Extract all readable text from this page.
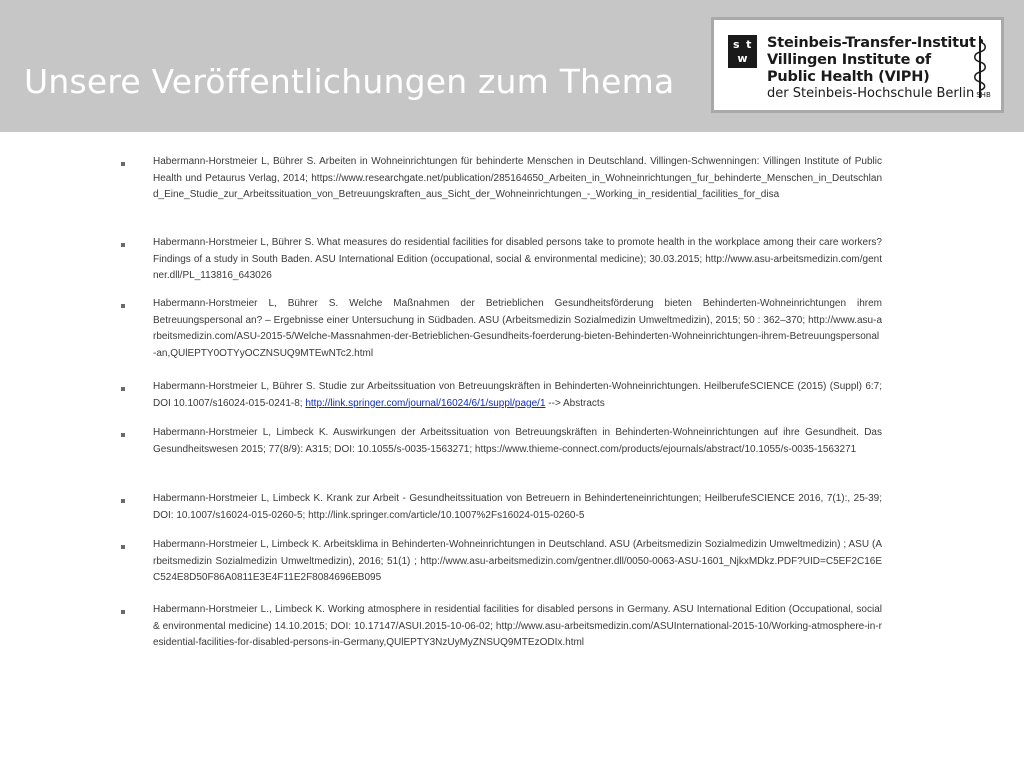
Unsere Veröffentlichungen zum Thema
s t
w
Steinbeis-Transfer-Institut
Villingen Institute of
Public Health (VIPH)
der Steinbeis-Hochschule Berlin SHB

Habermann-Horstmeier L, Bührer S. Arbeiten in Wohneinrichtungen für behinderte Menschen in Deutschland. Villingen-Schwenningen: Villingen Institute of Public Health und Petaurus Verlag, 2014; https://www.researchgate.net/publication/285164650_Arbeiten_in_Wohneinrichtungen_fur_behinderte_Menschen_in_Deutschland_Eine_Studie_zur_Arbeitssituation_von_Betreuungskraften_aus_Sicht_der_Wohneinrichtungen_-_Working_in_residential_facilities_for_disa

Habermann-Horstmeier L, Bührer S. What measures do residential facilities for disabled persons take to promote health in the workplace among their care workers? Findings of a study in South Baden. ASU International Edition (occupational, social & environmental medicine); 30.03.2015; http://www.asu-arbeitsmedizin.com/gentner.dll/PL_113816_643026

Habermann-Horstmeier L, Bührer S. Welche Maßnahmen der Betrieblichen Gesundheitsförderung bieten Behinderten-Wohneinrichtungen ihrem Betreuungspersonal an? – Ergebnisse einer Untersuchung in Südbaden. ASU (Arbeitsmedizin Sozialmedizin Umweltmedizin), 2015; 50 : 362–370; http://www.asu-arbeitsmedizin.com/ASU-2015-5/Welche-Massnahmen-der-Betrieblichen-Gesundheits-foerderung-bieten-Behinderten-Wohneinrichtungen-ihrem-Betreuungspersonal-an,QUlEPTY0OTYyOCZNSUQ9MTEwNTc2.html

Habermann-Horstmeier L, Bührer S. Studie zur Arbeitssituation von Betreuungskräften in Behinderten-Wohneinrichtungen. HeilberufeSCIENCE (2015) (Suppl) 6:7; DOI 10.1007/s16024-015-0241-8; http://link.springer.com/journal/16024/6/1/suppl/page/1 --> Abstracts

Habermann-Horstmeier L, Limbeck K. Auswirkungen der Arbeitssituation von Betreuungskräften in Behinderten-Wohneinrichtungen auf ihre Gesundheit. Das Gesundheitswesen 2015; 77(8/9): A315; DOI: 10.1055/s-0035-1563271; https://www.thieme-connect.com/products/ejournals/abstract/10.1055/s-0035-1563271

Habermann-Horstmeier L, Limbeck K. Krank zur Arbeit - Gesundheitssituation von Betreuern in Behinderteneinrichtungen; HeilberufeSCIENCE 2016, 7(1):, 25-39; DOI: 10.1007/s16024-015-0260-5; http://link.springer.com/article/10.1007%2Fs16024-015-0260-5

Habermann-Horstmeier L, Limbeck K. Arbeitsklima in Behinderten-Wohneinrichtungen in Deutschland. ASU (Arbeitsmedizin Sozialmedizin Umweltmedizin) ; ASU (Arbeitsmedizin Sozialmedizin Umweltmedizin), 2016; 51(1) ; http://www.asu-arbeitsmedizin.com/gentner.dll/0050-0063-ASU-1601_NjkxMDkz.PDF?UID=C5EF2C16EC524E8D50F86A0811E3E4F11E2F8084696EB095

Habermann-Horstmeier L., Limbeck K. Working atmosphere in residential facilities for disabled persons in Germany. ASU International Edition (Occupational, social & environmental medicine) 14.10.2015; DOI: 10.17147/ASUI.2015-10-06-02; http://www.asu-arbeitsmedizin.com/ASUInternational-2015-10/Working-atmosphere-in-residential-facilities-for-disabled-persons-in-Germany,QUlEPTY3NzUyMyZNSUQ9MTEzODIx.html
